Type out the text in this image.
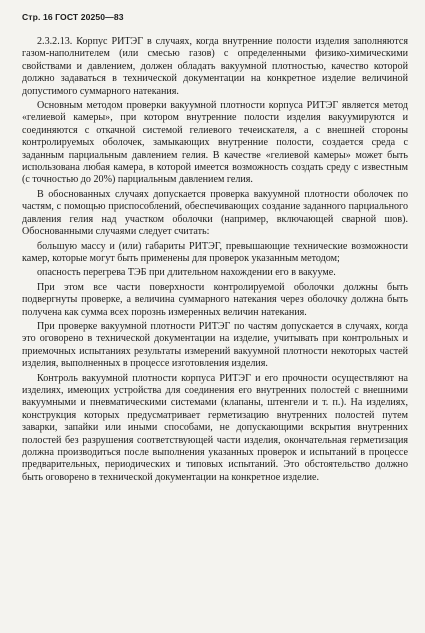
Стр. 16 ГОСТ 20250—83

2.3.2.13. Корпус РИТЭГ в случаях, когда внутренние полости изделия заполняются газом-наполнителем (или смесью газов) с определенными физико-химическими свойствами и давлением, должен обладать вакуумной плотностью, качество которой должно задаваться в технической документации на конкретное изделие величиной допустимого суммарного натекания.

Основным методом проверки вакуумной плотности корпуса РИТЭГ является метод «гелиевой камеры», при котором внутренние полости изделия вакуумируются и соединяются с откачной системой гелиевого течеискателя, а с внешней стороны контролируемых оболочек, замыкающих внутренние полости, создается среда с заданным парциальным давлением гелия. В качестве «гелиевой камеры» может быть использована любая камера, в которой имеется возможность создать среду с известным (с точностью до 20%) парциальным давлением гелия.

В обоснованных случаях допускается проверка вакуумной плотности оболочек по частям, с помощью приспособлений, обеспечивающих создание заданного парциального давления гелия над участком оболочки (например, включающей сварной шов). Обоснованными случаями следует считать:

большую массу и (или) габариты РИТЭГ, превышающие технические возможности камер, которые могут быть применены для проверок указанным методом;

опасность перегрева ТЭБ при длительном нахождении его в вакууме.

При этом все части поверхности контролируемой оболочки должны быть подвергнуты проверке, а величина суммарного натекания через оболочку должна быть получена как сумма всех порознь измеренных величин натекания.

При проверке вакуумной плотности РИТЭГ по частям допускается в случаях, когда это оговорено в технической документации на изделие, учитывать при контрольных и приемочных испытаниях результаты измерений вакуумной плотности некоторых частей изделия, выполненных в процессе изготовления изделия.

Контроль вакуумной плотности корпуса РИТЭГ и его прочности осуществляют на изделиях, имеющих устройства для соединения его внутренних полостей с внешними вакуумными и пневматическими системами (клапаны, штенгели и т. п.). На изделиях, конструкция которых предусматривает герметизацию внутренних полостей путем заварки, запайки или иными способами, не допускающими вскрытия внутренних полостей без разрушения соответствующей части изделия, окончательная герметизация должна производиться после выполнения указанных проверок и испытаний в процессе предварительных, периодических и типовых испытаний. Это обстоятельство должно быть оговорено в технической документации на конкретное изделие.
